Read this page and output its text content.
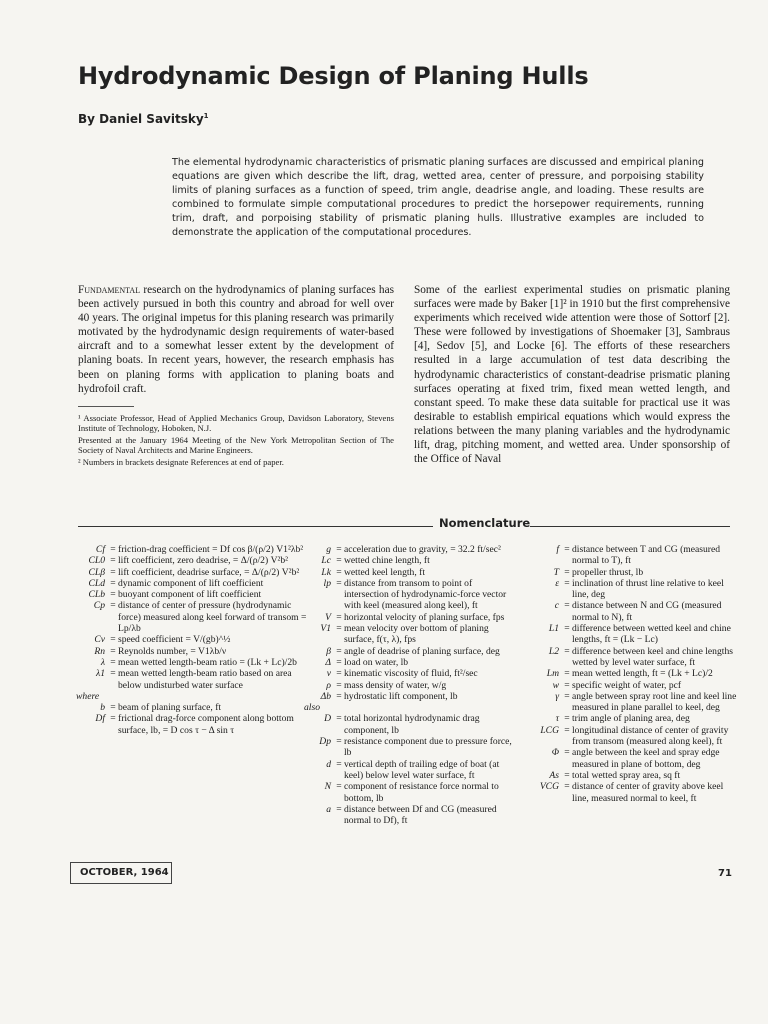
Hydrodynamic Design of Planing Hulls
By Daniel Savitsky$^1$

The elemental hydrodynamic characteristics of prismatic planing surfaces are discussed and empirical planing equations are given which describe the lift, drag, wetted area, center of pressure, and porpoising stability limits of planing surfaces as a function of speed, trim angle, deadrise angle, and loading. These results are combined to formulate simple computational procedures to predict the horsepower requirements, running trim, draft, and porpoising stability of prismatic planing hulls. Illustrative examples are included to demonstrate the application of the computational procedures.

Fundamental research on the hydrodynamics of planing surfaces has been actively pursued in both this country and abroad for well over 40 years. The original impetus for this planing research was primarily motivated by the hydrodynamic design requirements of water-based aircraft and to a somewhat lesser extent by the development of planing boats. In recent years, however, the research emphasis has been on planing forms with application to planing boats and hydrofoil craft.

¹ Associate Professor, Head of Applied Mechanics Group, Davidson Laboratory, Stevens Institute of Technology, Hoboken, N.J.

Presented at the January 1964 Meeting of the New York Metropolitan Section of The Society of Naval Architects and Marine Engineers.

² Numbers in brackets designate References at end of paper.

Some of the earliest experimental studies on prismatic planing surfaces were made by Baker [1]² in 1910 but the first comprehensive experiments which received wide attention were those of Sottorf [2]. These were followed by investigations of Shoemaker [3], Sambraus [4], Sedov [5], and Locke [6]. The efforts of these researchers resulted in a large accumulation of test data describing the hydrodynamic characteristics of constant-deadrise prismatic planing surfaces operating at fixed trim, fixed mean wetted length, and constant speed. To make these data suitable for practical use it was desirable to establish empirical equations which would express the relations between the many planing variables and the hydrodynamic lift, drag, pitching moment, and wetted area. Under sponsorship of the Office of Naval

Nomenclature
Cf = friction-drag coefficient = Df cos β/(ρ/2) V1²λb²
CL0 = lift coefficient, zero deadrise, = Δ/(ρ/2) V²b²
CLβ = lift coefficient, deadrise surface, = Δ/(ρ/2) V²b²
CLd = dynamic component of lift coefficient
CLb = buoyant component of lift coefficient
Cp = distance of center of pressure (hydrodynamic force) measured along keel forward of transom = Lp/λb
Cv = speed coefficient = V/(gb)^½
Rn = Reynolds number, = V1λb/ν
λ = mean wetted length-beam ratio = (Lk + Lc)/2b
λ1 = mean wetted length-beam ratio based on area below undisturbed water surface
where
b = beam of planing surface, ft
Df = frictional drag-force component along bottom surface, lb, = D cos τ − Δ sin τ
g = acceleration due to gravity, = 32.2 ft/sec²
Lc = wetted chine length, ft
Lk = wetted keel length, ft
lp = distance from transom to point of intersection of hydrodynamic-force vector with keel (measured along keel), ft
V = horizontal velocity of planing surface, fps
V1 = mean velocity over bottom of planing surface, f(τ, λ), fps
β = angle of deadrise of planing surface, deg
Δ = load on water, lb
ν = kinematic viscosity of fluid, ft²/sec
ρ = mass density of water, w/g
Δb = hydrostatic lift component, lb
also
D = total horizontal hydrodynamic drag component, lb
Dp = resistance component due to pressure force, lb
d = vertical depth of trailing edge of boat (at keel) below level water surface, ft
N = component of resistance force normal to bottom, lb
a = distance between Df and CG (measured normal to Df), ft
f = distance between T and CG (measured normal to T), ft
T = propeller thrust, lb
ε = inclination of thrust line relative to keel line, deg
c = distance between N and CG (measured normal to N), ft
L1 = difference between wetted keel and chine lengths, ft = (Lk − Lc)
L2 = difference between keel and chine lengths wetted by level water surface, ft
Lm = mean wetted length, ft = (Lk + Lc)/2
w = specific weight of water, pcf
γ = angle between spray root line and keel line measured in plane parallel to keel, deg
τ = trim angle of planing area, deg
LCG = longitudinal distance of center of gravity from transom (measured along keel), ft
Φ = angle between the keel and spray edge measured in plane of bottom, deg
As = total wetted spray area, sq ft
VCG = distance of center of gravity above keel line, measured normal to keel, ft
OCTOBER, 1964	71
